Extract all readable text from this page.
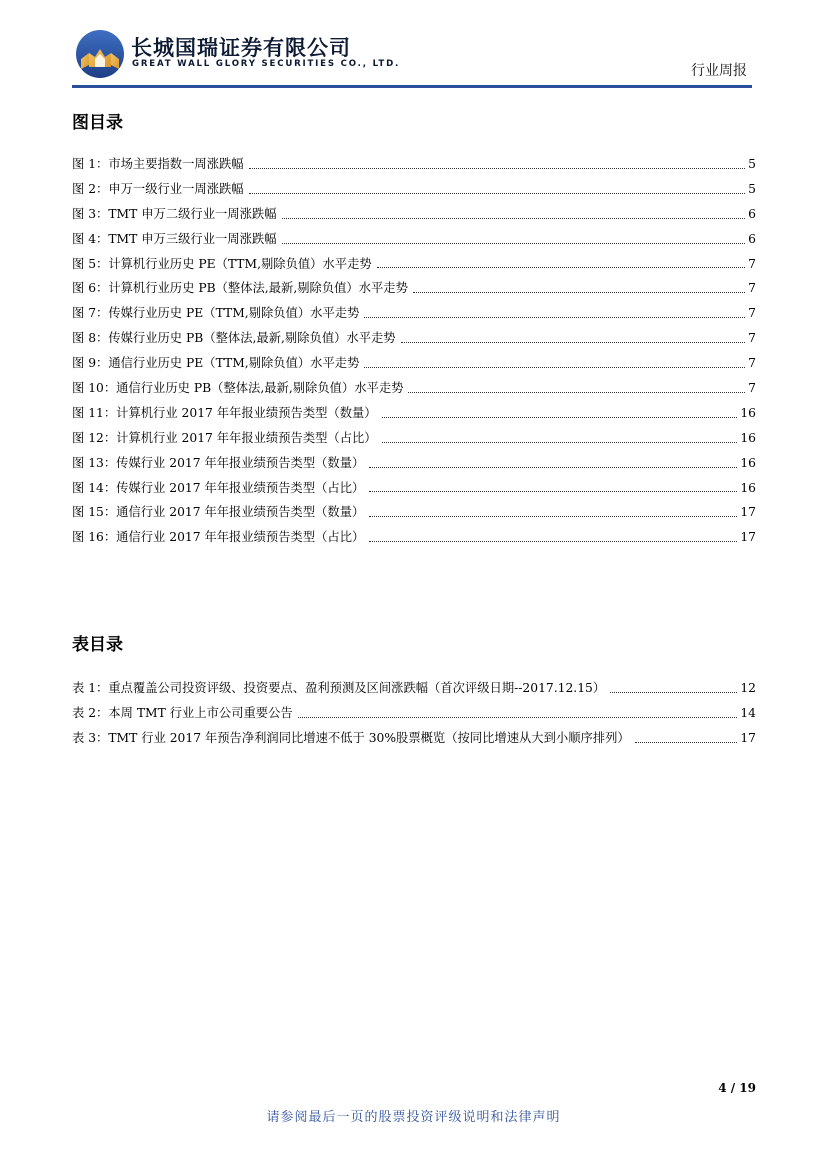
长城国瑞证券有限公司
GREAT WALL GLORY SECURITIES CO., LTD.	行业周报
图目录
图 1：市场主要指数一周涨跌幅	5
图 2：申万一级行业一周涨跌幅	5
图 3：TMT 申万二级行业一周涨跌幅	6
图 4：TMT 申万三级行业一周涨跌幅	6
图 5：计算机行业历史 PE（TTM,剔除负值）水平走势	7
图 6：计算机行业历史 PB（整体法,最新,剔除负值）水平走势	7
图 7：传媒行业历史 PE（TTM,剔除负值）水平走势	7
图 8：传媒行业历史 PB（整体法,最新,剔除负值）水平走势	7
图 9：通信行业历史 PE（TTM,剔除负值）水平走势	7
图 10：通信行业历史 PB（整体法,最新,剔除负值）水平走势	7
图 11：计算机行业 2017 年年报业绩预告类型（数量）	16
图 12：计算机行业 2017 年年报业绩预告类型（占比）	16
图 13：传媒行业 2017 年年报业绩预告类型（数量）	16
图 14：传媒行业 2017 年年报业绩预告类型（占比）	16
图 15：通信行业 2017 年年报业绩预告类型（数量）	17
图 16：通信行业 2017 年年报业绩预告类型（占比）	17
表目录
表 1：重点覆盖公司投资评级、投资要点、盈利预测及区间涨跌幅（首次评级日期--2017.12.15）	12
表 2：本周 TMT 行业上市公司重要公告	14
表 3：TMT 行业 2017 年预告净利润同比增速不低于 30%股票概览（按同比增速从大到小顺序排列）	17
4 / 19
请参阅最后一页的股票投资评级说明和法律声明
